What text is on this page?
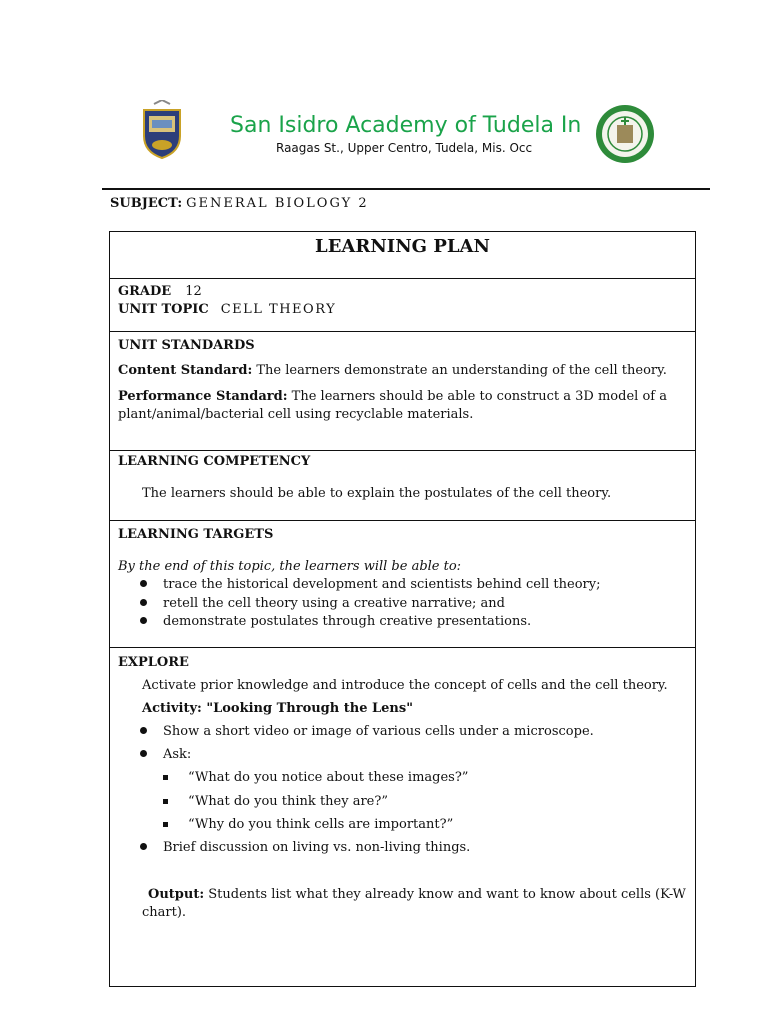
San Isidro Academy of Tudela In
Raagas St., Upper Centro, Tudela, Mis. Occ
SUBJECT: GENERAL BIOLOGY 2
LEARNING PLAN
GRADE 12
UNIT TOPIC CELL THEORY
UNIT STANDARDS
Content Standard: The learners demonstrate an understanding of the cell theory.
Performance Standard: The learners should be able to construct a 3D model of a
plant/animal/bacterial cell using recyclable materials.
LEARNING COMPETENCY
The learners should be able to explain the postulates of the cell theory.
LEARNING TARGETS
By the end of this topic, the learners will be able to:
trace the historical development and scientists behind cell theory;
retell the cell theory using a creative narrative; and
demonstrate postulates through creative presentations.
EXPLORE
Activate prior knowledge and introduce the concept of cells and the cell theory.
Activity: "Looking Through the Lens"
Show a short video or image of various cells under a microscope.
Ask:
“What do you notice about these images?”
“What do you think they are?”
“Why do you think cells are important?”
Brief discussion on living vs. non-living things.
Output: Students list what they already know and want to know about cells (K-W
chart).
